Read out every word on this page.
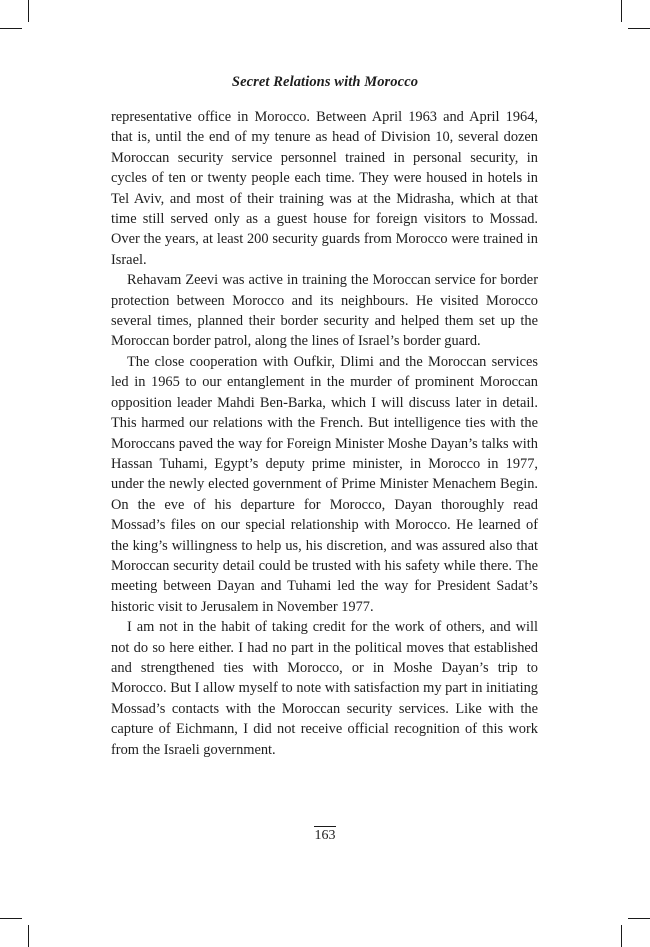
Secret Relations with Morocco

representative office in Morocco. Between April 1963 and April 1964, that is, until the end of my tenure as head of Division 10, several dozen Moroccan security service personnel trained in personal security, in cycles of ten or twenty people each time. They were housed in hotels in Tel Aviv, and most of their training was at the Midrasha, which at that time still served only as a guest house for foreign visitors to Mossad. Over the years, at least 200 security guards from Morocco were trained in Israel.

Rehavam Zeevi was active in training the Moroccan service for border protection between Morocco and its neighbours. He visited Morocco several times, planned their border security and helped them set up the Moroccan border patrol, along the lines of Israel’s border guard.

The close cooperation with Oufkir, Dlimi and the Moroccan services led in 1965 to our entanglement in the murder of prominent Moroccan opposition leader Mahdi Ben-Barka, which I will discuss later in detail. This harmed our relations with the French. But intelligence ties with the Moroccans paved the way for Foreign Minister Moshe Dayan’s talks with Hassan Tuhami, Egypt’s deputy prime minister, in Morocco in 1977, under the newly elected government of Prime Minister Menachem Begin. On the eve of his departure for Morocco, Dayan thoroughly read Mossad’s files on our special relationship with Morocco. He learned of the king’s willingness to help us, his discretion, and was assured also that Moroccan security detail could be trusted with his safety while there. The meeting between Dayan and Tuhami led the way for President Sadat’s historic visit to Jerusalem in November 1977.

I am not in the habit of taking credit for the work of others, and will not do so here either. I had no part in the political moves that established and strengthened ties with Morocco, or in Moshe Dayan’s trip to Morocco. But I allow myself to note with satisfaction my part in initiating Mossad’s contacts with the Moroccan security services. Like with the capture of Eichmann, I did not receive official recognition of this work from the Israeli government.

163
